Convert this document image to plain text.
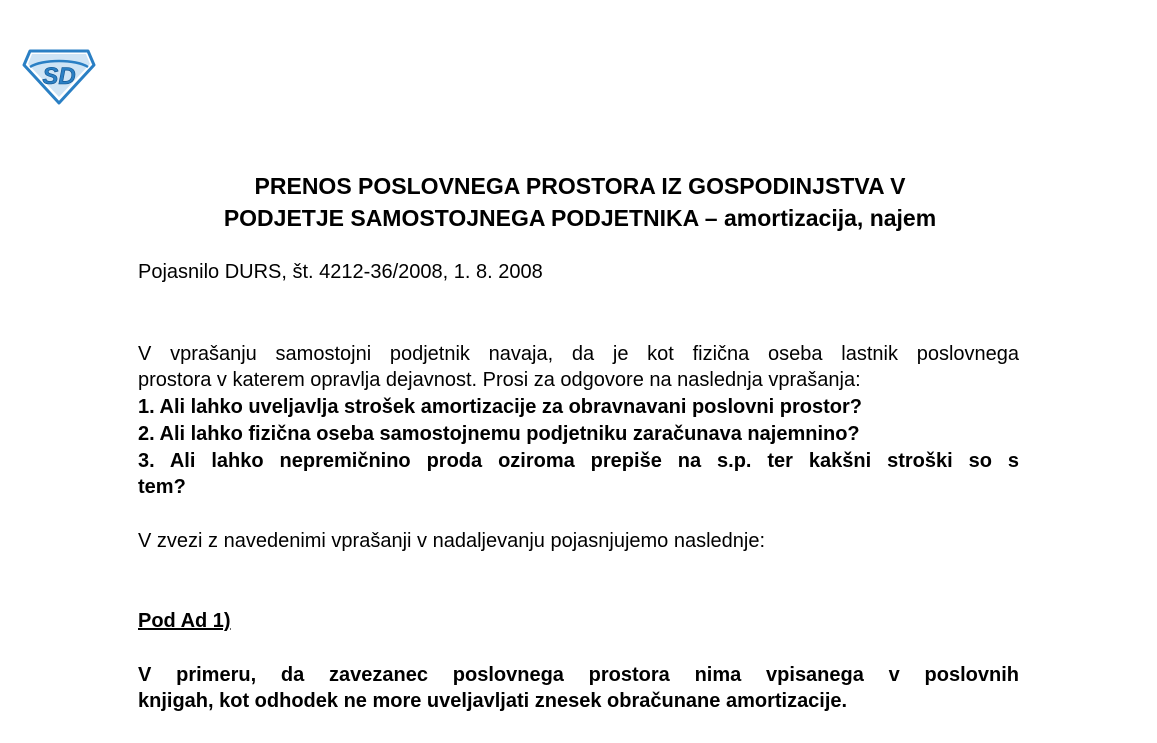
SD
PRENOS POSLOVNEGA PROSTORA IZ GOSPODINJSTVA V
PODJETJE SAMOSTOJNEGA PODJETNIKA – amortizacija, najem
Pojasnilo DURS, št. 4212-36/2008, 1. 8. 2008
V vprašanju samostojni podjetnik navaja, da je kot fizična oseba lastnik poslovnega
prostora v katerem opravlja dejavnost. Prosi za odgovore na naslednja vprašanja:
1. Ali lahko uveljavlja strošek amortizacije za obravnavani poslovni prostor?
2. Ali lahko fizična oseba samostojnemu podjetniku zaračunava najemnino?
3. Ali lahko nepremičnino proda oziroma prepiše na s.p. ter kakšni stroški so s
tem?
V zvezi z navedenimi vprašanji v nadaljevanju pojasnjujemo naslednje:
Pod Ad 1)
V primeru, da zavezanec poslovnega prostora nima vpisanega v poslovnih
knjigah, kot odhodek ne more uveljavljati znesek obračunane amortizacije.
